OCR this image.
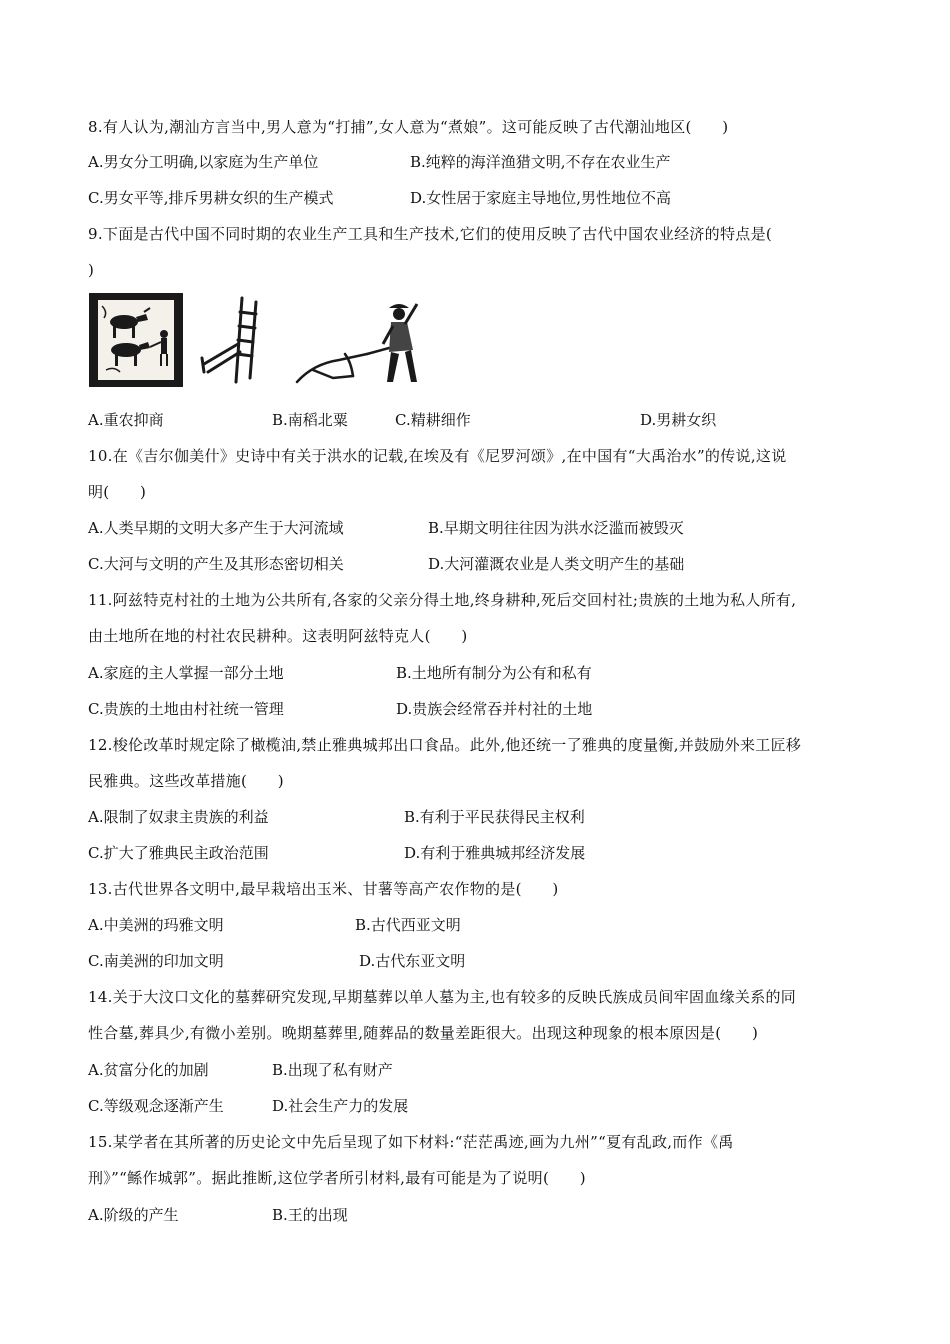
8.有人认为,潮汕方言当中,男人意为“打捕”,女人意为“煮娘”。这可能反映了古代潮汕地区(　　)
A.男女分工明确,以家庭为生产单位	B.纯粹的海洋渔猎文明,不存在农业生产
C.男女平等,排斥男耕女织的生产模式	D.女性居于家庭主导地位,男性地位不高
9.下面是古代中国不同时期的农业生产工具和生产技术,它们的使用反映了古代中国农业经济的特点是(
)
A.重农抑商	B.南稻北粟	C.精耕细作	D.男耕女织
10.在《吉尔伽美什》史诗中有关于洪水的记载,在埃及有《尼罗河颂》,在中国有“大禹治水”的传说,这说
明(　　)
A.人类早期的文明大多产生于大河流域	B.早期文明往往因为洪水泛滥而被毁灭
C.大河与文明的产生及其形态密切相关	D.大河灌溉农业是人类文明产生的基础
11.阿兹特克村社的土地为公共所有,各家的父亲分得土地,终身耕种,死后交回村社;贵族的土地为私人所有,
由土地所在地的村社农民耕种。这表明阿兹特克人(　　)
A.家庭的主人掌握一部分土地	B.土地所有制分为公有和私有
C.贵族的土地由村社统一管理	D.贵族会经常吞并村社的土地
12.梭伦改革时规定除了橄榄油,禁止雅典城邦出口食品。此外,他还统一了雅典的度量衡,并鼓励外来工匠移
民雅典。这些改革措施(　　)
A.限制了奴隶主贵族的利益	B.有利于平民获得民主权利
C.扩大了雅典民主政治范围	D.有利于雅典城邦经济发展
13.古代世界各文明中,最早栽培出玉米、甘薯等高产农作物的是(　　)
A.中美洲的玛雅文明	B.古代西亚文明
C.南美洲的印加文明	D.古代东亚文明
14.关于大汶口文化的墓葬研究发现,早期墓葬以单人墓为主,也有较多的反映氏族成员间牢固血缘关系的同
性合墓,葬具少,有微小差别。晚期墓葬里,随葬品的数量差距很大。出现这种现象的根本原因是(　　)
A.贫富分化的加剧	B.出现了私有财产
C.等级观念逐渐产生	D.社会生产力的发展
15.某学者在其所著的历史论文中先后呈现了如下材料:“茫茫禹迹,画为九州”“夏有乱政,而作《禹
刑》”“鲧作城郭”。据此推断,这位学者所引材料,最有可能是为了说明(　　)
A.阶级的产生	B.王的出现
